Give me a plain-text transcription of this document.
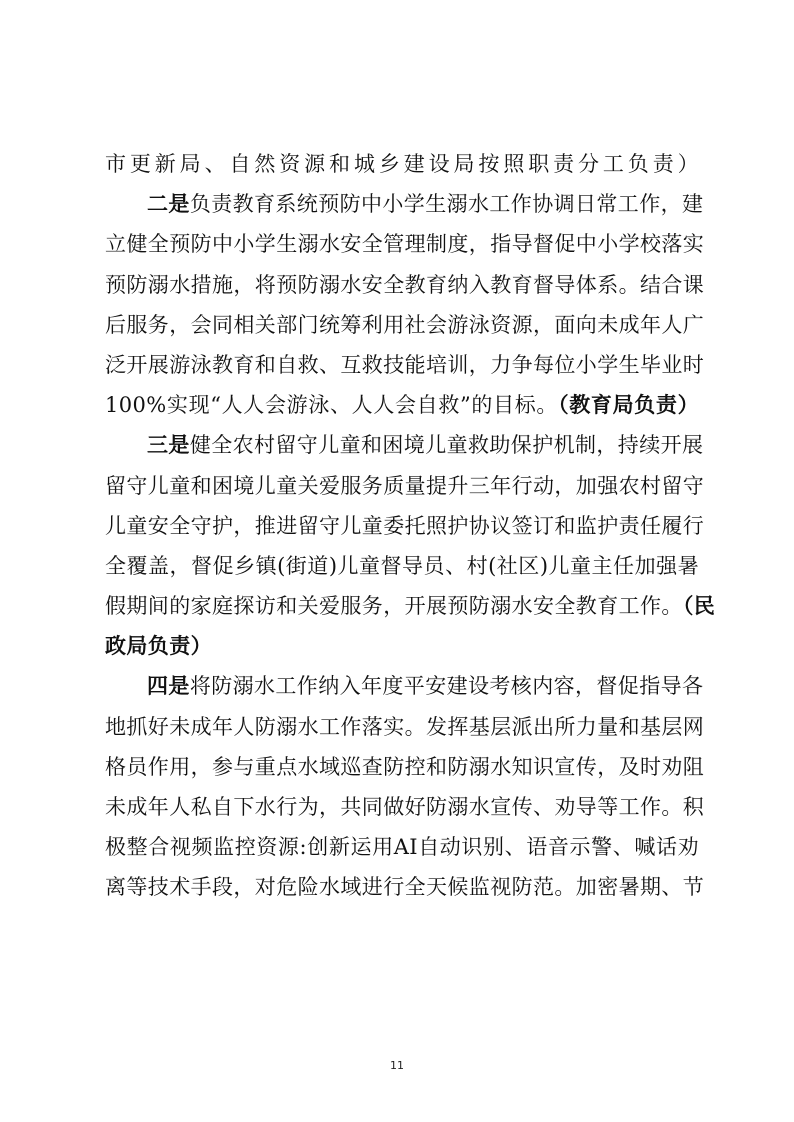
市更新局、自然资源和城乡建设局按照职责分工负责）
二是负责教育系统预防中小学生溺水工作协调日常工作，建
立健全预防中小学生溺水安全管理制度，指导督促中小学校落实
预防溺水措施，将预防溺水安全教育纳入教育督导体系。结合课
后服务，会同相关部门统筹利用社会游泳资源，面向未成年人广
泛开展游泳教育和自救、互救技能培训，力争每位小学生毕业时
100%实现“人人会游泳、人人会自救”的目标。（教育局负责）
三是健全农村留守儿童和困境儿童救助保护机制，持续开展
留守儿童和困境儿童关爱服务质量提升三年行动，加强农村留守
儿童安全守护，推进留守儿童委托照护协议签订和监护责任履行
全覆盖，督促乡镇(街道)儿童督导员、村(社区)儿童主任加强暑
假期间的家庭探访和关爱服务，开展预防溺水安全教育工作。（民
政局负责）
四是将防溺水工作纳入年度平安建设考核内容，督促指导各
地抓好未成年人防溺水工作落实。发挥基层派出所力量和基层网
格员作用，参与重点水域巡查防控和防溺水知识宣传，及时劝阻
未成年人私自下水行为，共同做好防溺水宣传、劝导等工作。积
极整合视频监控资源:创新运用AI自动识别、语音示警、喊话劝
离等技术手段，对危险水域进行全天候监视防范。加密暑期、节
11
